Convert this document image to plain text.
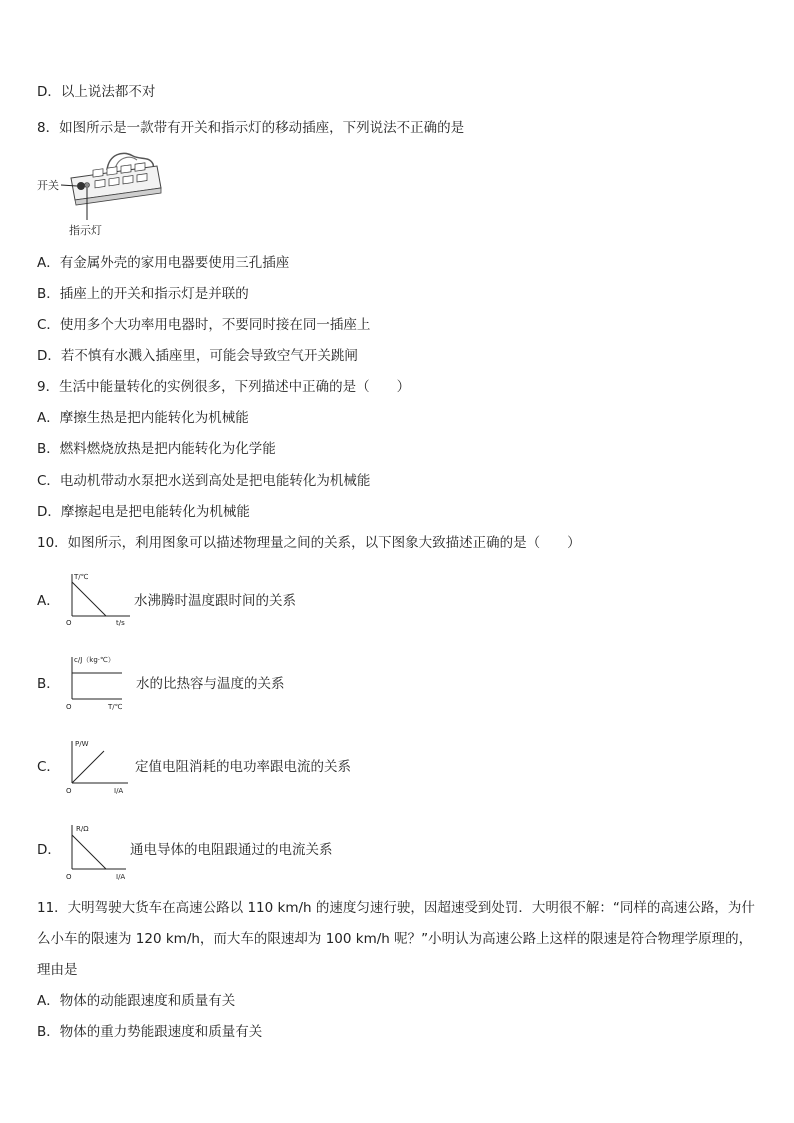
D．以上说法都不对
8．如图所示是一款带有开关和指示灯的移动插座，下列说法不正确的是
开关
指示灯
A．有金属外壳的家用电器要使用三孔插座
B．插座上的开关和指示灯是并联的
C．使用多个大功率用电器时，不要同时接在同一插座上
D．若不慎有水溅入插座里，可能会导致空气开关跳闸
9．生活中能量转化的实例很多，下列描述中正确的是（　　）
A．摩擦生热是把内能转化为机械能
B．燃料燃烧放热是把内能转化为化学能
C．电动机带动水泵把水送到高处是把电能转化为机械能
D．摩擦起电是把电能转化为机械能
10．如图所示，利用图象可以描述物理量之间的关系，以下图象大致描述正确的是（　　）
A．
T/℃
O	t/s
水沸腾时温度跟时间的关系
B．
c/J（kg·℃）
O	T/℃
水的比热容与温度的关系
C．
P/W
O	I/A
定值电阻消耗的电功率跟电流的关系
D．
R/Ω
O	I/A
通电导体的电阻跟通过的电流关系
11．大明驾驶大货车在高速公路以 110 km/h 的速度匀速行驶，因超速受到处罚．大明很不解：“同样的高速公路，为什
么小车的限速为 120 km/h，而大车的限速却为 100 km/h 呢？”小明认为高速公路上这样的限速是符合物理学原理的，
理由是
A．物体的动能跟速度和质量有关
B．物体的重力势能跟速度和质量有关
